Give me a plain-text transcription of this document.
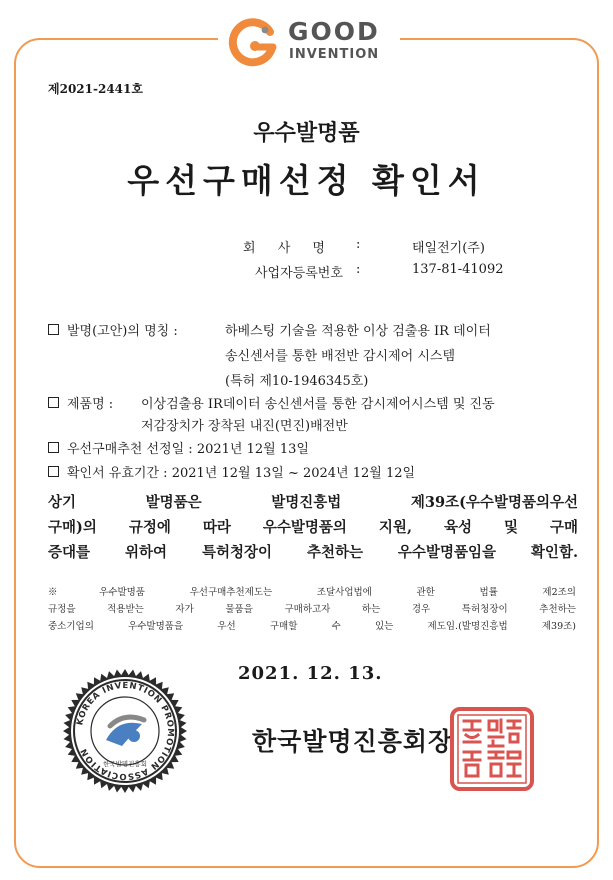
GOOD
INVENTION
제2021-2441호
우수발명품
우선구매선정 확인서
회 사 명	:	태일전기(주)
사업자등록번호 :	137-81-41092
발명(고안)의 명칭 :	하베스팅 기술을 적용한 이상 검출용 IR 데이터
송신센서를 통한 배전반 감시제어 시스템
(특허 제10-1946345호)
제품명 : 이상검출용 IR데이터 송신센서를 통한 감시제어시스템 및 진동
저감장치가 장착된 내진(면진)배전반
우선구매추천 선정일 : 2021년 12월 13일
확인서 유효기간 : 2021년 12월 13일 ~ 2024년 12월 12일
상기 발명품은 발명진흥법 제39조(우수발명품의우선
구매)의 규정에 따라 우수발명품의 지원, 육성 및 구매
증대를 위하여 특허청장이 추천하는 우수발명품임을 확인함.
※우수발명품 우선구매추천제도는 조달사업법에 관한 법률 제2조의
규정을 적용받는 자가 물품을 구매하고자 하는 경우 특허청장이 추천하는
중소기업의 우수발명품을 우선 구매할 수 있는 제도임.(발명진흥법 제39조)
2021. 12. 13.
KOREA INVENTION PROMOTION ASSOCIATION
한국발명진흥회
한국발명진흥회장
